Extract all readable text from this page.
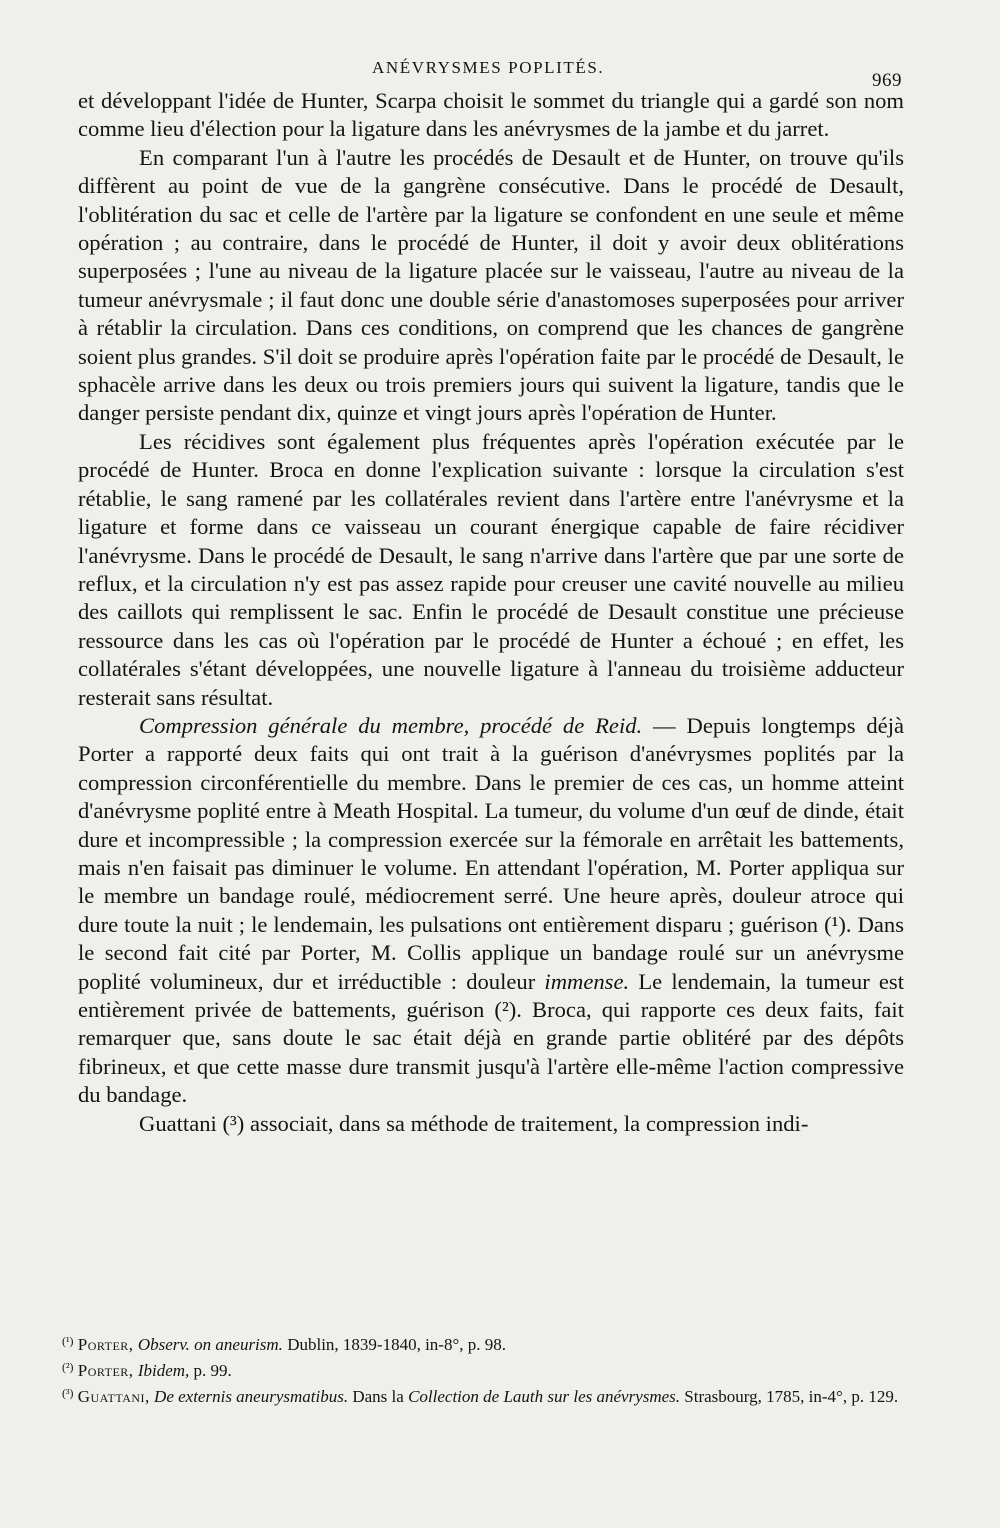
ANÉVRYSMES POPLITÉS.
969

et développant l'idée de Hunter, Scarpa choisit le sommet du triangle qui a gardé son nom comme lieu d'élection pour la ligature dans les anévrysmes de la jambe et du jarret.

En comparant l'un à l'autre les procédés de Desault et de Hunter, on trouve qu'ils diffèrent au point de vue de la gangrène consécutive. Dans le procédé de Desault, l'oblitération du sac et celle de l'artère par la ligature se confondent en une seule et même opération ; au contraire, dans le procédé de Hunter, il doit y avoir deux oblitérations superposées ; l'une au niveau de la ligature placée sur le vaisseau, l'autre au niveau de la tumeur anévrysmale ; il faut donc une double série d'anastomoses superposées pour arriver à rétablir la circulation. Dans ces conditions, on comprend que les chances de gangrène soient plus grandes. S'il doit se produire après l'opération faite par le procédé de Desault, le sphacèle arrive dans les deux ou trois premiers jours qui suivent la ligature, tandis que le danger persiste pendant dix, quinze et vingt jours après l'opération de Hunter.

Les récidives sont également plus fréquentes après l'opération exécutée par le procédé de Hunter. Broca en donne l'explication suivante : lorsque la circulation s'est rétablie, le sang ramené par les collatérales revient dans l'artère entre l'anévrysme et la ligature et forme dans ce vaisseau un courant énergique capable de faire récidiver l'anévrysme. Dans le procédé de Desault, le sang n'arrive dans l'artère que par une sorte de reflux, et la circulation n'y est pas assez rapide pour creuser une cavité nouvelle au milieu des caillots qui remplissent le sac. Enfin le procédé de Desault constitue une précieuse ressource dans les cas où l'opération par le procédé de Hunter a échoué ; en effet, les collatérales s'étant développées, une nouvelle ligature à l'anneau du troisième adducteur resterait sans résultat.

Compression générale du membre, procédé de Reid. — Depuis longtemps déjà Porter a rapporté deux faits qui ont trait à la guérison d'anévrysmes poplités par la compression circonférentielle du membre. Dans le premier de ces cas, un homme atteint d'anévrysme poplité entre à Meath Hospital. La tumeur, du volume d'un œuf de dinde, était dure et incompressible ; la compression exercée sur la fémorale en arrêtait les battements, mais n'en faisait pas diminuer le volume. En attendant l'opération, M. Porter appliqua sur le membre un bandage roulé, médiocrement serré. Une heure après, douleur atroce qui dure toute la nuit ; le lendemain, les pulsations ont entièrement disparu ; guérison (¹). Dans le second fait cité par Porter, M. Collis applique un bandage roulé sur un anévrysme poplité volumineux, dur et irréductible : douleur immense. Le lendemain, la tumeur est entièrement privée de battements, guérison (²). Broca, qui rapporte ces deux faits, fait remarquer que, sans doute le sac était déjà en grande partie oblitéré par des dépôts fibrineux, et que cette masse dure transmit jusqu'à l'artère elle-même l'action compressive du bandage.

Guattani (³) associait, dans sa méthode de traitement, la compression indi-

$^{(^1)}$ Porter, Observ. on aneurism. Dublin, 1839-1840, in-8°, p. 98.

$^{(^2)}$ Porter, Ibidem, p. 99.

$^{(^3)}$ Guattani, De externis aneurysmatibus. Dans la Collection de Lauth sur les anévrysmes. Strasbourg, 1785, in-4°, p. 129.
